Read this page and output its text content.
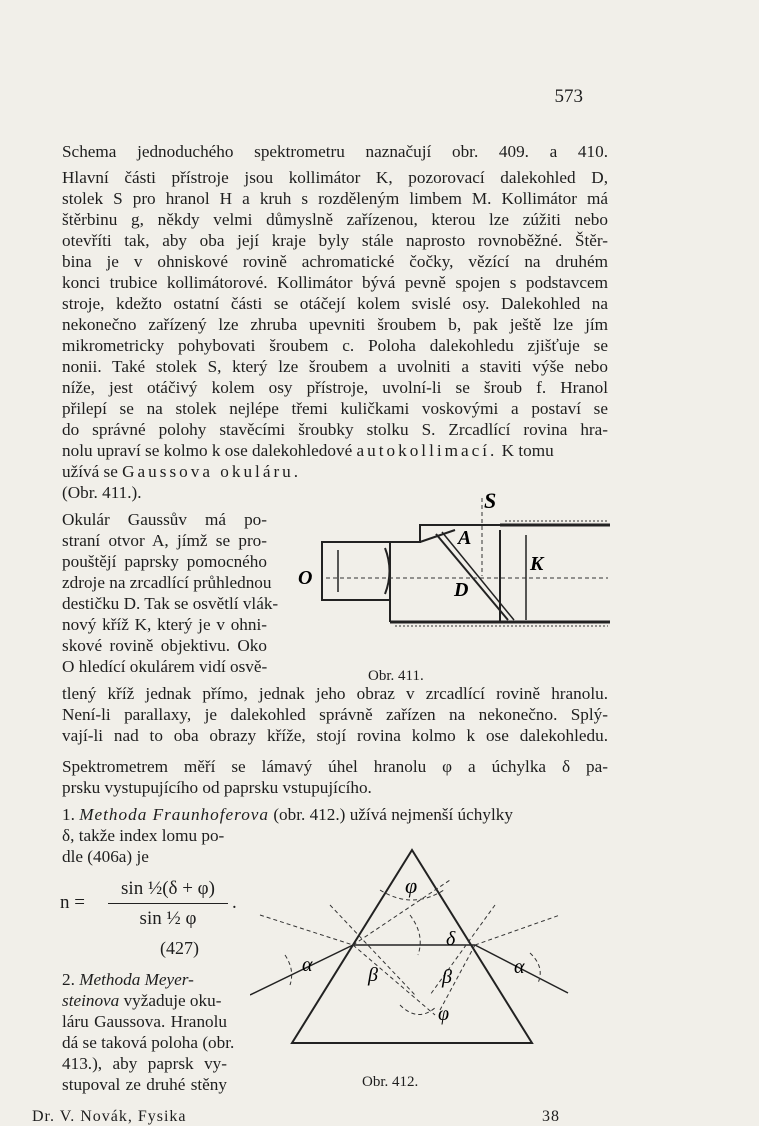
573
Schema jednoduchého spektrometru naznačují obr. 409. a 410.
Hlavní části přístroje jsou kollimátor K, pozorovací dalekohled D,
stolek S pro hranol H a kruh s rozděleným limbem M. Kollimátor má
štěrbinu g, někdy velmi důmyslně zařízenou, kterou lze zúžiti nebo
otevříti tak, aby oba její kraje byly stále naprosto rovnoběžné. Štěr-
bina je v ohniskové rovině achromatické čočky, vězící na druhém
konci trubice kollimátorové. Kollimátor bývá pevně spojen s podstavcem
stroje, kdežto ostatní části se otáčejí kolem svislé osy. Dalekohled na
nekonečno zařízený lze zhruba upevniti šroubem b, pak ještě lze jím
mikrometricky pohybovati šroubem c. Poloha dalekohledu zjišťuje se
nonii. Také stolek S, který lze šroubem a uvolniti a staviti výše nebo
níže, jest otáčivý kolem osy přístroje, uvolní-li se šroub f. Hranol
přilepí se na stolek nejlépe třemi kuličkami voskovými a postaví se
do správné polohy stavěcími šroubky stolku S. Zrcadlící rovina hra-
nolu upraví se kolmo k ose dalekohledové autokollimací. K tomu
užívá se Gaussova okuláru.
(Obr. 411.).
Okulár Gaussův má po-
straní otvor A, jímž se pro-
pouštějí paprsky pomocného
zdroje na zrcadlící průhlednou
destičku D. Tak se osvětlí vlák-
nový kříž K, který je v ohni-
skové rovině objektivu. Oko
O hledící okulárem vidí osvě-
S
A
K
O
D
Obr. 411.
tlený kříž jednak přímo, jednak jeho obraz v zrcadlící rovině hranolu.
Není-li parallaxy, je dalekohled správně zařízen na nekonečno. Splý-
vají-li nad to oba obrazy kříže, stojí rovina kolmo k ose dalekohledu.
Spektrometrem měří se lámavý úhel hranolu φ a úchylka δ pa-
prsku vystupujícího od paprsku vstupujícího.
1. Methoda Fraunhoferova (obr. 412.) užívá nejmenší úchylky
δ, takže index lomu po-
dle (406a) je
n =
sin ½(δ + φ)
sin ½ φ
.
(427)
2. Methoda Meyer-
steinova vyžaduje oku-
láru Gaussova. Hranolu
dá se taková poloha (obr.
413.), aby paprsk vy-
stupoval ze druhé stěny
φ
δ
α	α
β	β
φ
Obr. 412.
Dr. V. Novák, Fysika	38
